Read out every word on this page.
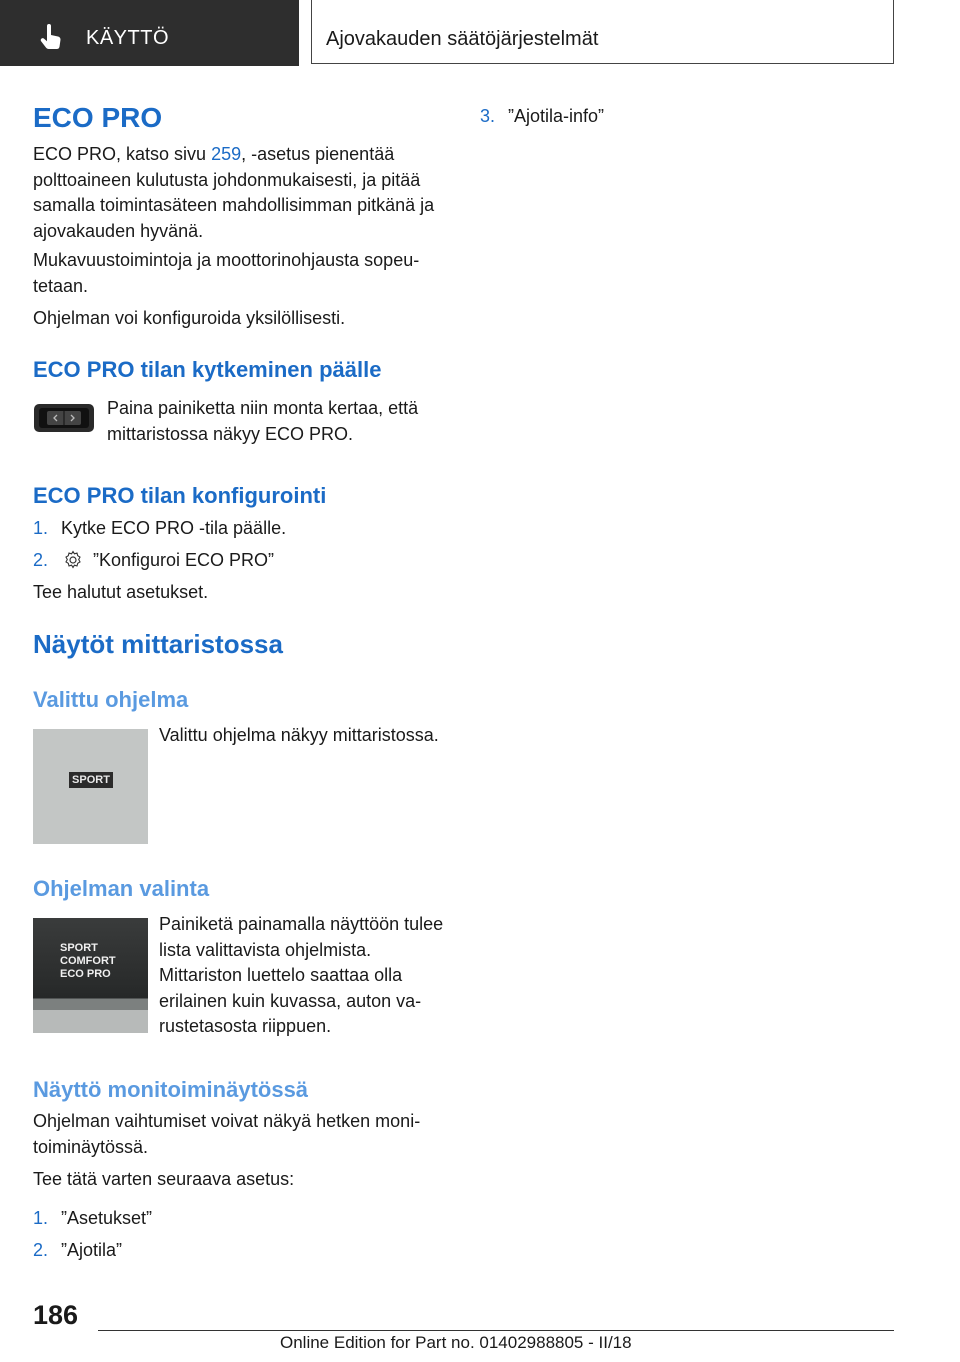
KÄYTTÖ	Ajovakauden säätöjärjestelmät
ECO PRO

ECO PRO, katso sivu 259, -asetus pienentää polttoaineen kulutusta johdonmukaisesti, ja pitää samalla toimintasäteen mahdollisimman pitkänä ja ajovakauden hyvänä.

Mukavuustoimintoja ja moottorinohjausta sopeutetaan.

Ohjelman voi konfiguroida yksilöllisesti.

ECO PRO tilan kytkeminen päälle

Paina painiketta niin monta kertaa, että mittaristossa näkyy ECO PRO.

ECO PRO tilan konfigurointi
1. Kytke ECO PRO -tila päälle.
2.	”Konfiguroi ECO PRO”

Tee halutut asetukset.

Näytöt mittaristossa
Valittu ohjelma
SPORT

Valittu ohjelma näkyy mittaristossa.

Ohjelman valinta
SPORT
COMFORT
ECO PRO

Painiketä painamalla näyttöön tulee lista valittavista ohjelmista. Mittariston luettelo saattaa olla erilainen kuin kuvassa, auton varustetasosta riippuen.

Näyttö monitoiminäytössä

Ohjelman vaihtumiset voivat näkyä hetken monitoiminäytössä.

Tee tätä varten seuraava asetus:

1. ”Asetukset”
2. ”Ajotila”
3. ”Ajotila-info”
186
Online Edition for Part no. 01402988805 - II/18
